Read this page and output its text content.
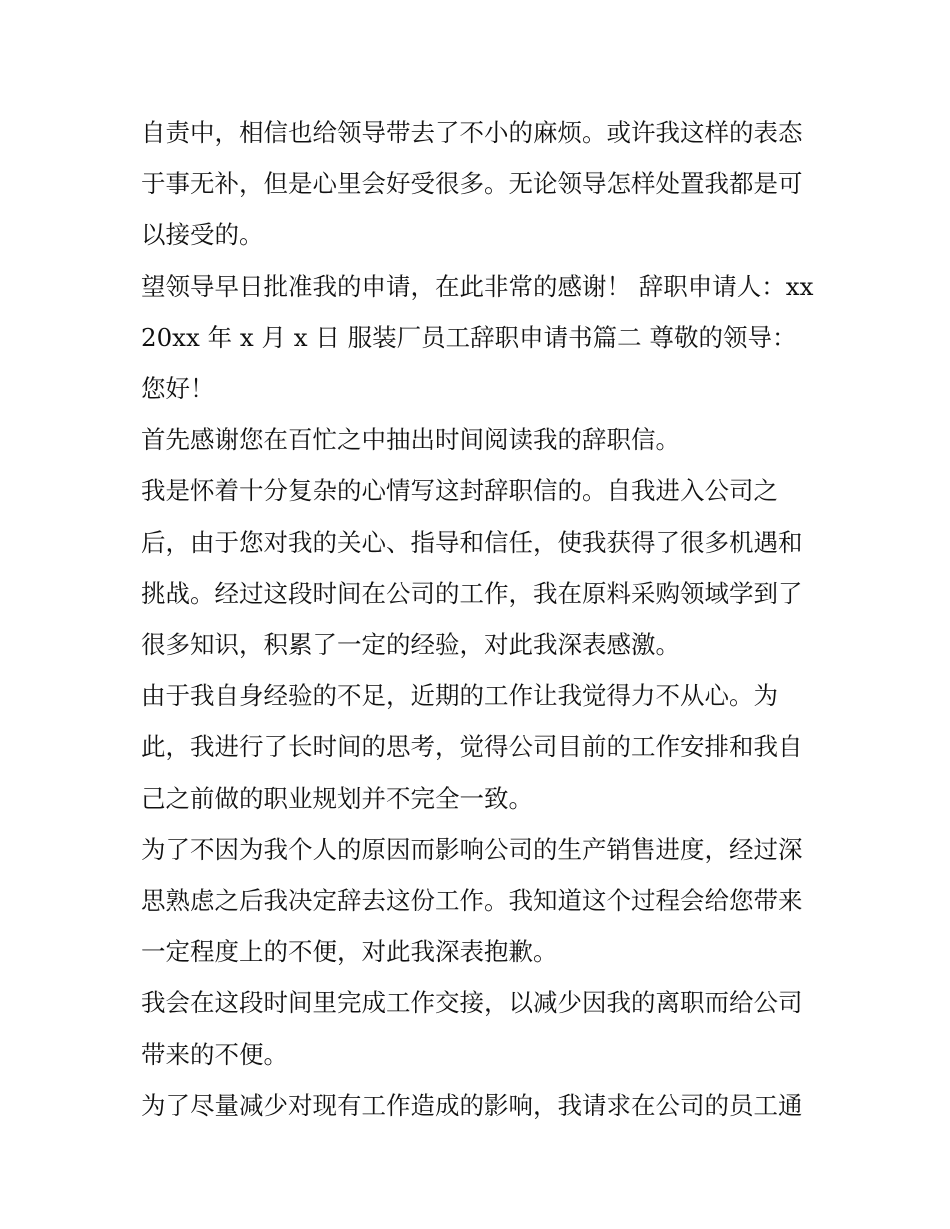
自责中，相信也给领导带去了不小的麻烦。或许我这样的表态于事无补，但是心里会好受很多。无论领导怎样处置我都是可以接受的。

望领导早日批准我的申请，在此非常的感谢！ 辞职申请人：xx 20xx 年 x 月 x 日 服装厂员工辞职申请书篇二 尊敬的领导：

您好！

首先感谢您在百忙之中抽出时间阅读我的辞职信。

我是怀着十分复杂的心情写这封辞职信的。自我进入公司之后，由于您对我的关心、指导和信任，使我获得了很多机遇和挑战。经过这段时间在公司的工作，我在原料采购领域学到了很多知识，积累了一定的经验，对此我深表感激。

由于我自身经验的不足，近期的工作让我觉得力不从心。为此，我进行了长时间的思考，觉得公司目前的工作安排和我自己之前做的职业规划并不完全一致。

为了不因为我个人的原因而影响公司的生产销售进度，经过深思熟虑之后我决定辞去这份工作。我知道这个过程会给您带来一定程度上的不便，对此我深表抱歉。

我会在这段时间里完成工作交接，以减少因我的离职而给公司带来的不便。

为了尽量减少对现有工作造成的影响，我请求在公司的员工通
